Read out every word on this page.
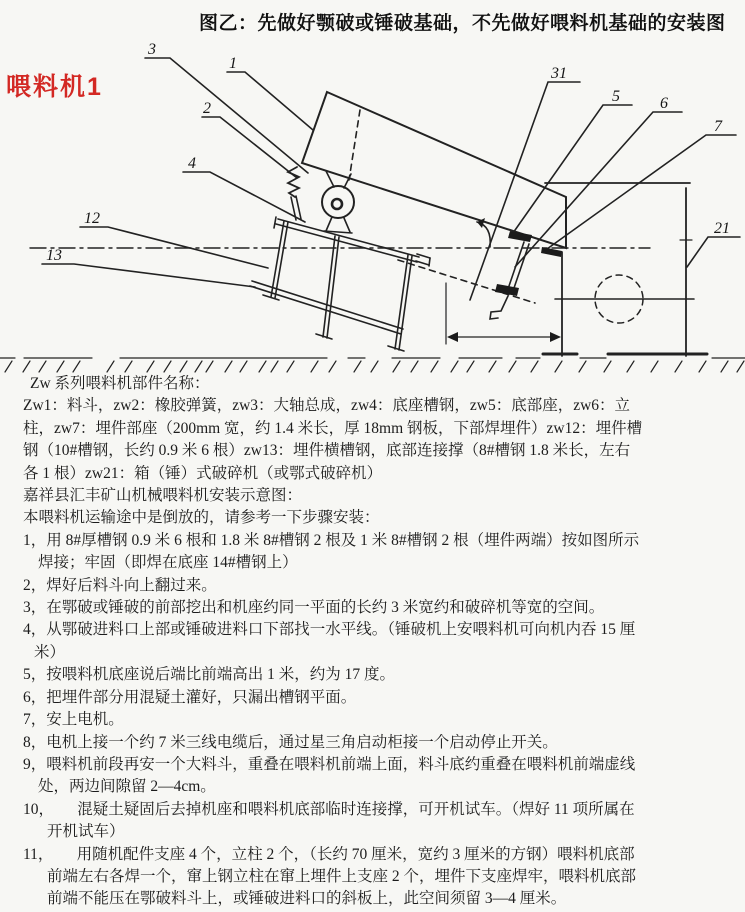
图乙：先做好颚破或锤破基础，不先做好喂料机基础的安装图
喂料机1
3
1
2
4
31
5	6
7
12
13
21
Zw 系列喂料机部件名称：
Zw1：料斗，zw2：橡胶弹簧，zw3：大轴总成，zw4：底座槽钢，zw5：底部座，zw6：立
柱，zw7：埋件部座（200mm 宽，约 1.4 米长，厚 18mm 钢板，下部焊埋件）zw12：埋件槽
钢（10#槽钢，长约 0.9 米 6 根）zw13：埋件横槽钢，底部连接撑（8#槽钢 1.8 米长，左右
各 1 根）zw21：箱（锤）式破碎机（或鄂式破碎机）
嘉祥县汇丰矿山机械喂料机安装示意图：
本喂料机运输途中是倒放的，请参考一下步骤安装：
1，用 8#厚槽钢 0.9 米 6 根和 1.8 米 8#槽钢 2 根及 1 米 8#槽钢 2 根（埋件两端）按如图所示
焊接；牢固（即焊在底座 14#槽钢上）
2，焊好后料斗向上翻过来。
3，在鄂破或锤破的前部挖出和机座约同一平面的长约 3 米宽约和破碎机等宽的空间。
4，从鄂破进料口上部或锤破进料口下部找一水平线。（锤破机上安喂料机可向机内吞 15 厘
米）
5，按喂料机底座说后端比前端高出 1 米，约为 17 度。
6，把埋件部分用混疑土灌好，只漏出槽钢平面。
7，安上电机。
8，电机上接一个约 7 米三线电缆后，通过星三角启动柜接一个启动停止开关。
9，喂料机前段再安一个大料斗，重叠在喂料机前端上面，料斗底约重叠在喂料机前端虚线
处，两边间隙留 2—4cm。
10，　　混疑土疑固后去掉机座和喂料机底部临时连接撑，可开机试车。（焊好 11 项所属在
开机试车）
11，　　用随机配件支座 4 个，立柱 2 个，（长约 70 厘米，宽约 3 厘米的方钢）喂料机底部
前端左右各焊一个，窜上钢立柱在窜上埋件上支座 2 个，埋件下支座焊牢，喂料机底部
前端不能压在鄂破料斗上，或锤破进料口的斜板上，此空间须留 3—4 厘米。
